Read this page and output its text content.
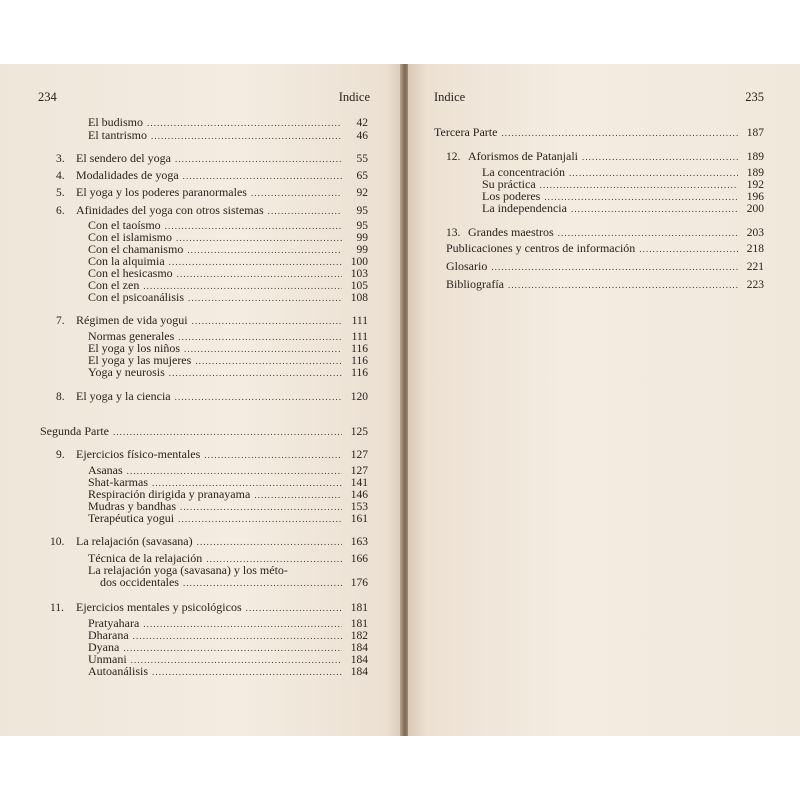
234	Indice
El budismo .....	42
El tantrismo .....	46
3. El sendero del yoga .....	55
4. Modalidades de yoga .....	65
5. El yoga y los poderes paranormales .....	92
6. Afinidades del yoga con otros sistemas .....	95
Con el taoísmo .....	95
Con el islamismo .....	99
Con el chamanismo .....	99
Con la alquimia .....	100
Con el hesicasmo .....	103
Con el zen .....	105
Con el psicoanálisis .....	108
7. Régimen de vida yogui .....	111
Normas generales .....	111
El yoga y los niños .....	116
El yoga y las mujeres .....	116
Yoga y neurosis .....	116
8. El yoga y la ciencia .....	120
Segunda Parte .....	125
9. Ejercicios físico-mentales .....	127
Asanas .....	127
Shat-karmas .....	141
Respiración dirigida y pranayama .....	146
Mudras y bandhas .....	153
Terapéutica yogui .....	161
10. La relajación (savasana) .....	163
Técnica de la relajación .....	166
La relajación yoga (savasana) y los méto-
dos occidentales .....	176
11.	Ejercicios mentales y psicológicos .....	181
Pratyahara .....	181
Dharana .....	182
Dyana .....	184
Unmani .....	184
Autoanálisis .....	184
Indice	235
Tercera Parte .....	187
12. Aforismos de Patanjali .....	189
La concentración .....	189
Su práctica .....	192
Los poderes .....	196
La independencia .....	200
13. Grandes maestros .....	203
Publicaciones y centros de información .....	218
Glosario .....	221
Bibliografía .....	223
